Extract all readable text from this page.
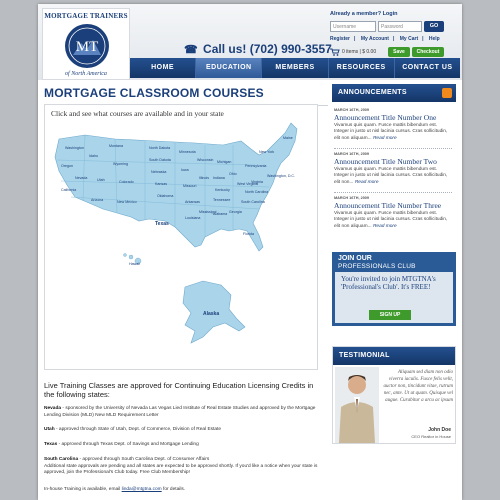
MORTGAGE TRAINERS
MT
of North America
☎ Call us! (702) 990-3557
Already a member? Login
Username	Password	GO
Register | My Account | My Cart | Help
0 items | $ 0.00	Save	Checkout
HOME	EDUCATION	MEMBERS	RESOURCES	CONTACT US
MORTGAGE CLASSROOM COURSES
Washington
Oregon
California
Nevada
Idaho
Montana
Wyoming
Utah
Arizona
Colorado
New Mexico
North Dakota
South Dakota
Nebraska
Kansas
Oklahoma
Minnesota
Iowa
Missouri
Arkansas
Louisiana
Wisconsin
Illinois
Michigan
Indiana
Ohio
Kentucky
Tennessee
Mississippi
Alabama Georgia
Florida
South Carolina
North Carolina
Virginia
West Virginia
Pennsylvania
New York
Maine
Washington, D.C.
Hawaii
Texas
Alaska
Click and see what courses are available and in your state
Live Training Classes are approved for Continuing Education Licensing Credits in the following states:
Nevada - sponsored by the University of Nevada Las Vegas Lied Institute of Real Estate Studies and approved by the Mortgage Lending Division (MLD) New MLD Requirement Letter
Utah - approved through State of Utah, Dept. of Commerce, Division of Real Estate
Texas - approved through Texas Dept. of Savings and Mortgage Lending
South Carolina - approved through South Carolina Dept. of Consumer Affairs
Additional state approvals are pending and all states are expected to be approved shortly. If you'd like a notice when your state is approved, join the Professional's Club today. Free Club Membership!
In-house Training is available, email linda@mtgtna.com for details.
ANNOUNCEMENTS
MARCH 16TH, 2009
Announcement Title Number One
Vivamus quis quam. Fusce mattis bibendum est. Integer in justo ut nisl lacinia cursus. Cras sollicitudin, elit non aliquam... Read more
MARCH 16TH, 2009
Announcement Title Number Two
Vivamus quis quam. Fusce mattis bibendum est. Integer in justo ut nisl lacinia cursus. Cras sollicitudin, elit non... Read more
MARCH 16TH, 2009
Announcement Title Number Three
Vivamus quis quam. Fusce mattis bibendum est. Integer in justo ut nisl lacinia cursus. Cras sollicitudin, elit non aliquam... Read more
JOIN OUR
PROFESSIONALS CLUB
You're invited to join MTGTNA's 'Professional's Club'. It's FREE!
SIGN UP
TESTIMONIAL
Aliquam sed diam non odio viverra iaculis. Fusce felis velit, auctor non, tincidunt vitae, rutrum nec, ante. Ut ut quam. Quisque vel augue. Curabitur a arcu ac ipsum
John Doe
CEO Realtor in House
